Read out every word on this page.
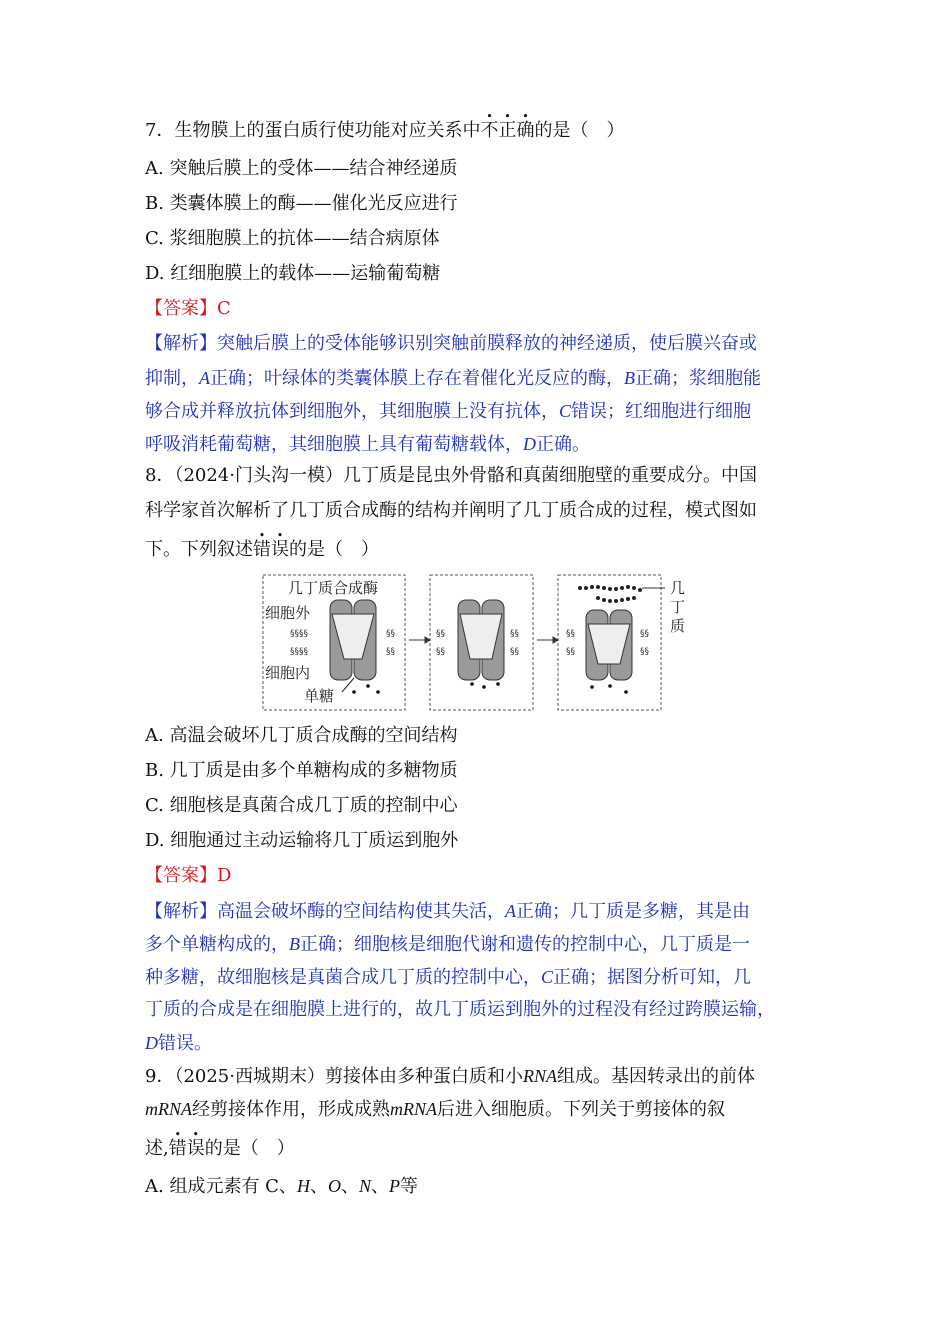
7．生物膜上的蛋白质行使功能对应关系中不正确的是（　）
A. 突触后膜上的受体——结合神经递质
B. 类囊体膜上的酶——催化光反应进行
C. 浆细胞膜上的抗体——结合病原体
D. 红细胞膜上的载体——运输葡萄糖
【答案】C
【解析】突触后膜上的受体能够识别突触前膜释放的神经递质，使后膜兴奋或
抑制，A正确；叶绿体的类囊体膜上存在着催化光反应的酶，B正确；浆细胞能
够合成并释放抗体到细胞外，其细胞膜上没有抗体，C错误；红细胞进行细胞
呼吸消耗葡萄糖，其细胞膜上具有葡萄糖载体，D正确。
8．（2024·门头沟一模）几丁质是昆虫外骨骼和真菌细胞壁的重要成分。中国
科学家首次解析了几丁质合成酶的结构并阐明了几丁质合成的过程，模式图如
下。下列叙述错误的是（　）
§§§§
§§§§
§§
§§
§§
§§
§§
§§
§§
§§
§§
§§
几丁质合成酶
细胞外
细胞内
单糖
几
丁
质
A. 高温会破坏几丁质合成酶的空间结构
B. 几丁质是由多个单糖构成的多糖物质
C. 细胞核是真菌合成几丁质的控制中心
D. 细胞通过主动运输将几丁质运到胞外
【答案】D
【解析】高温会破坏酶的空间结构使其失活，A正确；几丁质是多糖，其是由
多个单糖构成的，B正确；细胞核是细胞代谢和遗传的控制中心，几丁质是一
种多糖，故细胞核是真菌合成几丁质的控制中心，C正确；据图分析可知，几
丁质的合成是在细胞膜上进行的，故几丁质运到胞外的过程没有经过跨膜运输，
D错误。
9．（2025·西城期末）剪接体由多种蛋白质和小RNA组成。基因转录出的前体
mRNA经剪接体作用，形成成熟mRNA后进入细胞质。下列关于剪接体的叙
述,错误的是（　）
A. 组成元素有 C、H、O、N、P等
